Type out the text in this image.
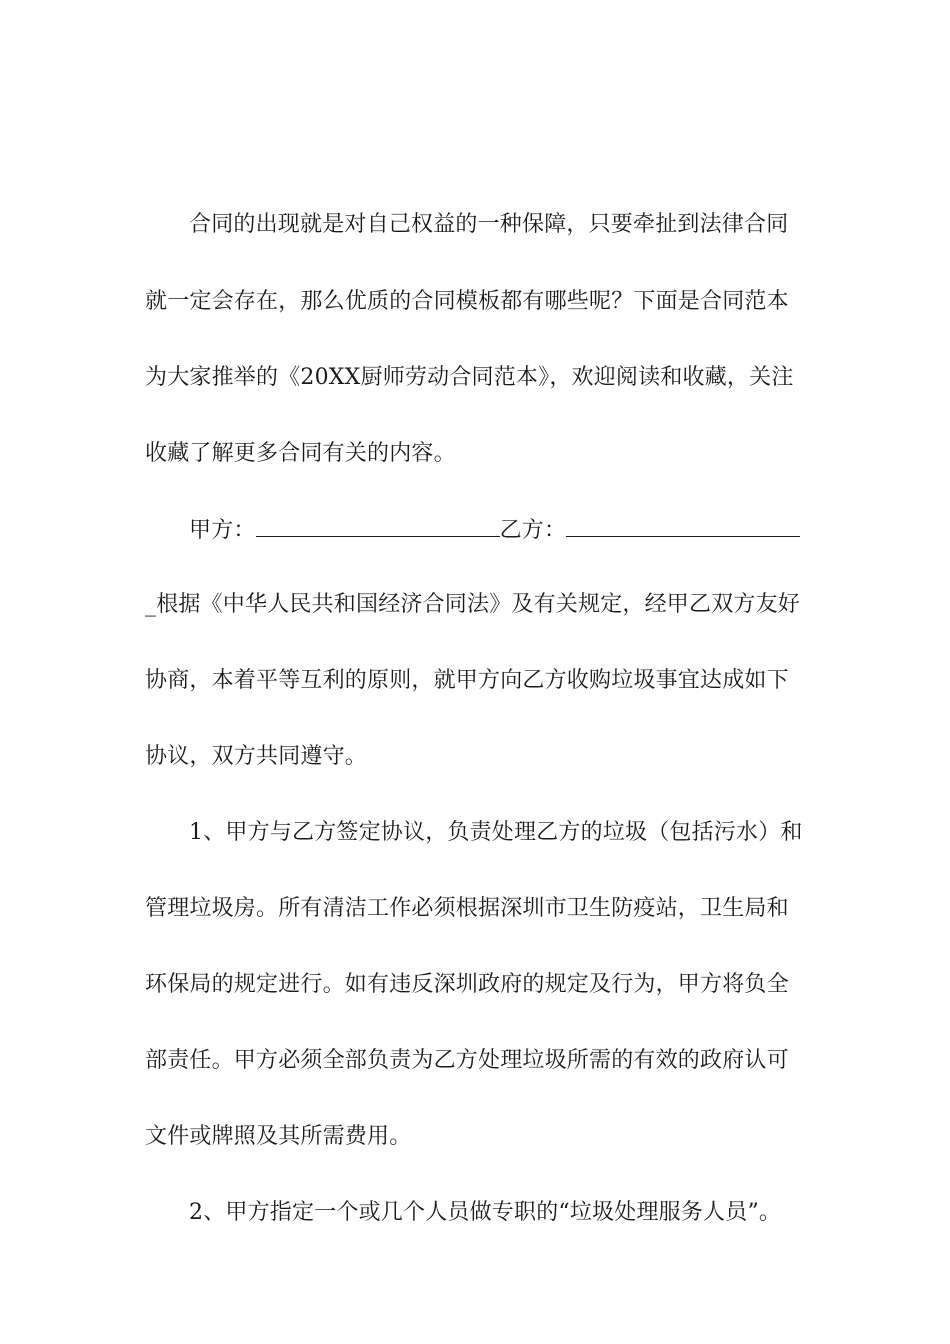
合同的出现就是对自己权益的一种保障，只要牵扯到法律合同
就一定会存在，那么优质的合同模板都有哪些呢？下面是合同范本
为大家推举的《20XX厨师劳动合同范本》，欢迎阅读和收藏，关注
收藏了解更多合同有关的内容。
甲方：	乙方：
_根据《中华人民共和国经济合同法》及有关规定，经甲乙双方友好
协商，本着平等互利的原则，就甲方向乙方收购垃圾事宜达成如下
协议，双方共同遵守。
1、甲方与乙方签定协议，负责处理乙方的垃圾（包括污水）和
管理垃圾房。所有清洁工作必须根据深圳市卫生防疫站，卫生局和
环保局的规定进行。如有违反深圳政府的规定及行为，甲方将负全
部责任。甲方必须全部负责为乙方处理垃圾所需的有效的政府认可
文件或牌照及其所需费用。
2、甲方指定一个或几个人员做专职的“垃圾处理服务人员”。
